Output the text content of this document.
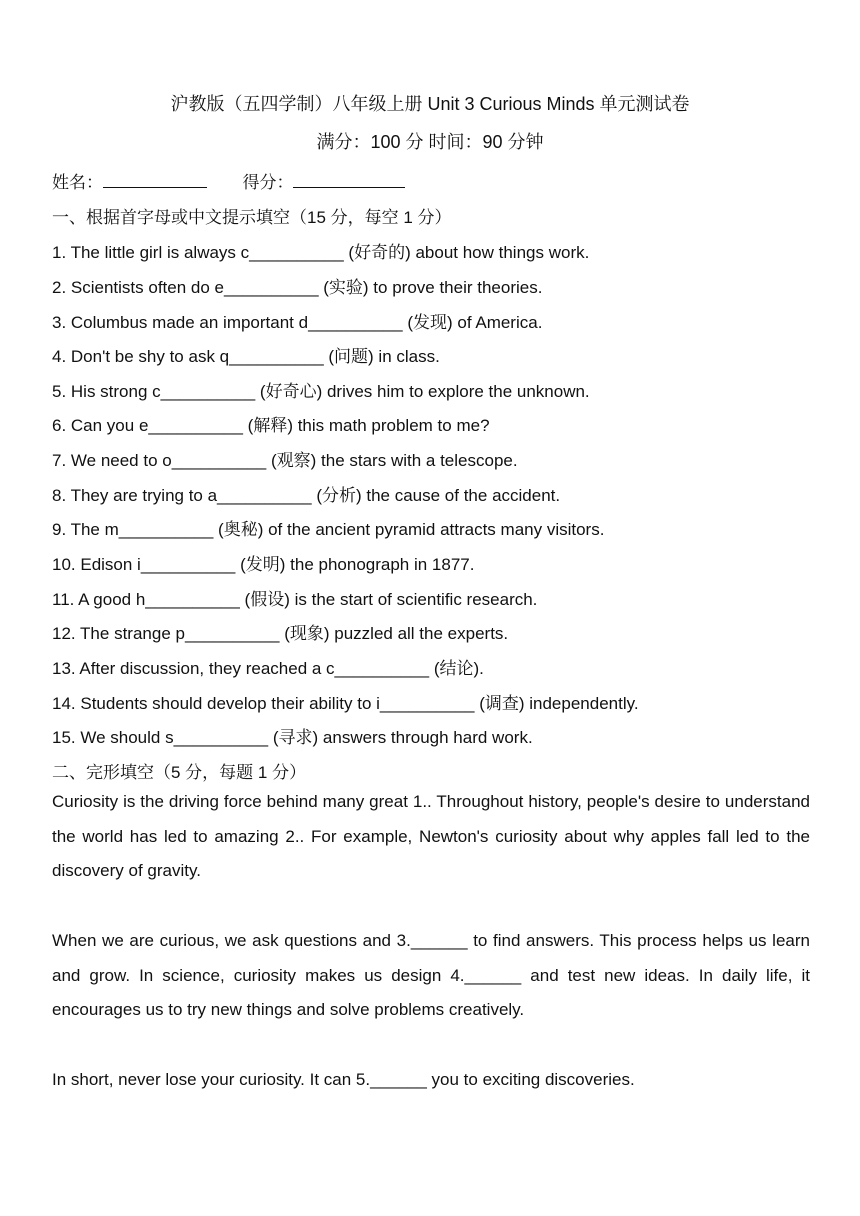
沪教版（五四学制）八年级上册 Unit 3 Curious Minds 单元测试卷
满分：100 分 时间：90 分钟
姓名：	得分：
一、根据首字母或中文提示填空（15 分，每空 1 分）
1. The little girl is always c__________ (好奇的) about how things work.
2. Scientists often do e__________ (实验) to prove their theories.
3. Columbus made an important d__________ (发现) of America.
4. Don't be shy to ask q__________ (问题) in class.
5. His strong c__________ (好奇心) drives him to explore the unknown.
6. Can you e__________ (解释) this math problem to me?
7. We need to o__________ (观察) the stars with a telescope.
8. They are trying to a__________ (分析) the cause of the accident.
9. The m__________ (奥秘) of the ancient pyramid attracts many visitors.
10. Edison i__________ (发明) the phonograph in 1877.
11. A good h__________ (假设) is the start of scientific research.
12. The strange p__________ (现象) puzzled all the experts.
13. After discussion, they reached a c__________ (结论).
14. Students should develop their ability to i__________ (调查) independently.
15. We should s__________ (寻求) answers through hard work.
二、完形填空（5 分，每题 1 分）
Curiosity is the driving force behind many great 1.. Throughout history, people's desire to understand the world has led to amazing 2.. For example, Newton's curiosity about why apples fall led to the discovery of gravity.
When we are curious, we ask questions and 3.______ to find answers. This process helps us learn and grow. In science, curiosity makes us design 4.______ and test new ideas. In daily life, it encourages us to try new things and solve problems creatively.
In short, never lose your curiosity. It can 5.______ you to exciting discoveries.
